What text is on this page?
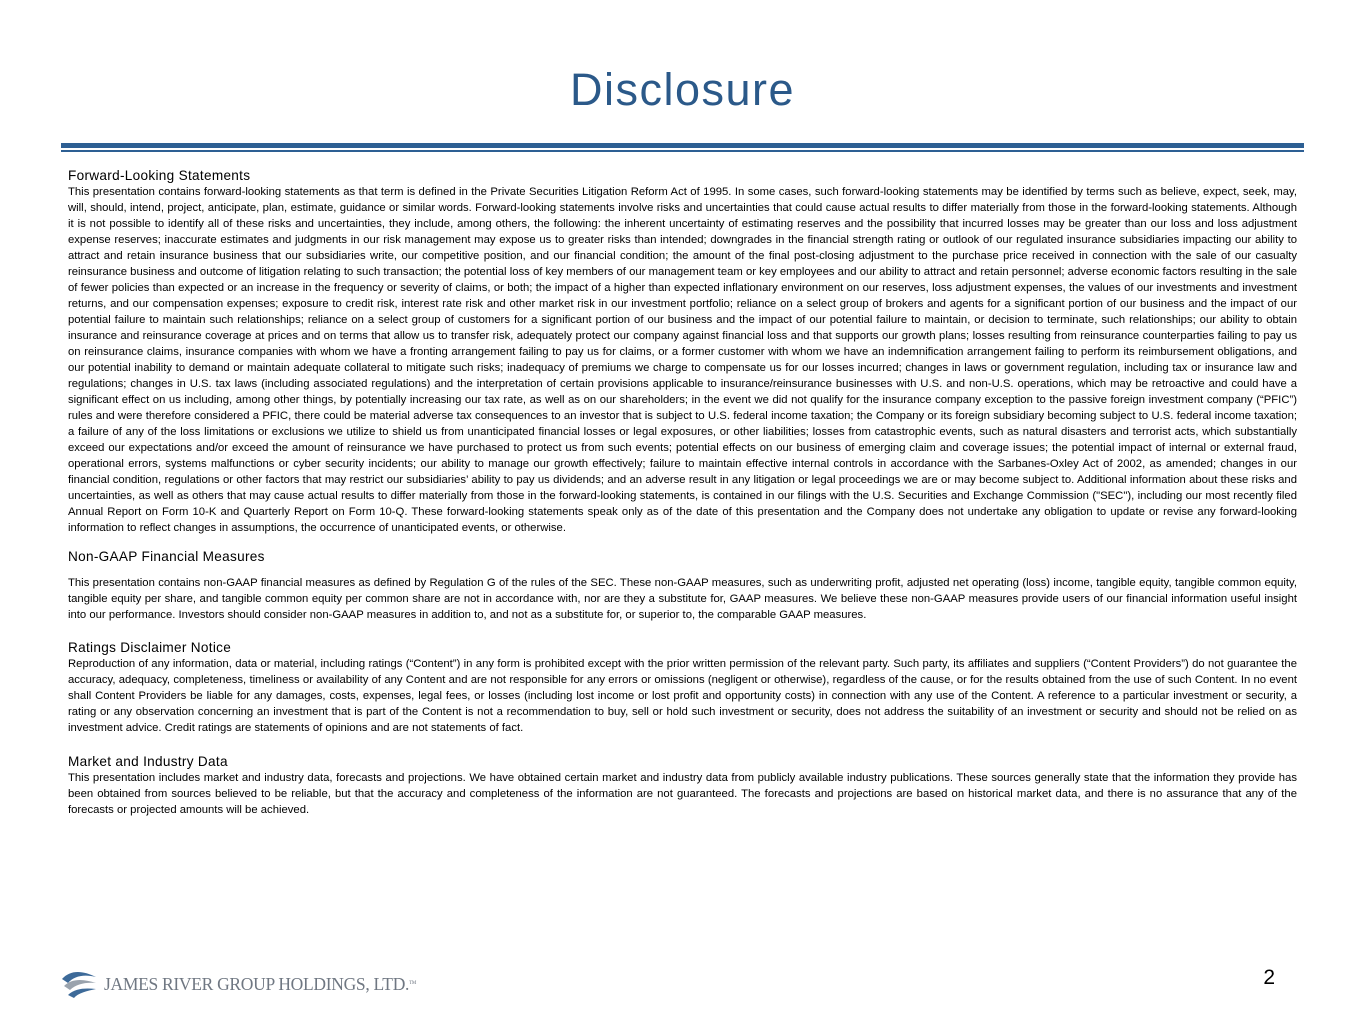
Disclosure
Forward-Looking Statements

This presentation contains forward-looking statements as that term is defined in the Private Securities Litigation Reform Act of 1995. In some cases, such forward-looking statements may be identified by terms such as believe, expect, seek, may, will, should, intend, project, anticipate, plan, estimate, guidance or similar words. Forward-looking statements involve risks and uncertainties that could cause actual results to differ materially from those in the forward-looking statements. Although it is not possible to identify all of these risks and uncertainties, they include, among others, the following: the inherent uncertainty of estimating reserves and the possibility that incurred losses may be greater than our loss and loss adjustment expense reserves; inaccurate estimates and judgments in our risk management may expose us to greater risks than intended; downgrades in the financial strength rating or outlook of our regulated insurance subsidiaries impacting our ability to attract and retain insurance business that our subsidiaries write, our competitive position, and our financial condition; the amount of the final post-closing adjustment to the purchase price received in connection with the sale of our casualty reinsurance business and outcome of litigation relating to such transaction; the potential loss of key members of our management team or key employees and our ability to attract and retain personnel; adverse economic factors resulting in the sale of fewer policies than expected or an increase in the frequency or severity of claims, or both; the impact of a higher than expected inflationary environment on our reserves, loss adjustment expenses, the values of our investments and investment returns, and our compensation expenses; exposure to credit risk, interest rate risk and other market risk in our investment portfolio; reliance on a select group of brokers and agents for a significant portion of our business and the impact of our potential failure to maintain such relationships; reliance on a select group of customers for a significant portion of our business and the impact of our potential failure to maintain, or decision to terminate, such relationships; our ability to obtain insurance and reinsurance coverage at prices and on terms that allow us to transfer risk, adequately protect our company against financial loss and that supports our growth plans; losses resulting from reinsurance counterparties failing to pay us on reinsurance claims, insurance companies with whom we have a fronting arrangement failing to pay us for claims, or a former customer with whom we have an indemnification arrangement failing to perform its reimbursement obligations, and our potential inability to demand or maintain adequate collateral to mitigate such risks; inadequacy of premiums we charge to compensate us for our losses incurred; changes in laws or government regulation, including tax or insurance law and regulations; changes in U.S. tax laws (including associated regulations) and the interpretation of certain provisions applicable to insurance/reinsurance businesses with U.S. and non-U.S. operations, which may be retroactive and could have a significant effect on us including, among other things, by potentially increasing our tax rate, as well as on our shareholders; in the event we did not qualify for the insurance company exception to the passive foreign investment company (“PFIC”) rules and were therefore considered a PFIC, there could be material adverse tax consequences to an investor that is subject to U.S. federal income taxation; the Company or its foreign subsidiary becoming subject to U.S. federal income taxation; a failure of any of the loss limitations or exclusions we utilize to shield us from unanticipated financial losses or legal exposures, or other liabilities; losses from catastrophic events, such as natural disasters and terrorist acts, which substantially exceed our expectations and/or exceed the amount of reinsurance we have purchased to protect us from such events; potential effects on our business of emerging claim and coverage issues; the potential impact of internal or external fraud, operational errors, systems malfunctions or cyber security incidents; our ability to manage our growth effectively; failure to maintain effective internal controls in accordance with the Sarbanes-Oxley Act of 2002, as amended; changes in our financial condition, regulations or other factors that may restrict our subsidiaries’ ability to pay us dividends; and an adverse result in any litigation or legal proceedings we are or may become subject to. Additional information about these risks and uncertainties, as well as others that may cause actual results to differ materially from those in the forward-looking statements, is contained in our filings with the U.S. Securities and Exchange Commission ("SEC"), including our most recently filed Annual Report on Form 10-K and Quarterly Report on Form 10-Q. These forward-looking statements speak only as of the date of this presentation and the Company does not undertake any obligation to update or revise any forward-looking information to reflect changes in assumptions, the occurrence of unanticipated events, or otherwise.

Non-GAAP Financial Measures

This presentation contains non-GAAP financial measures as defined by Regulation G of the rules of the SEC. These non-GAAP measures, such as underwriting profit, adjusted net operating (loss) income, tangible equity, tangible common equity, tangible equity per share, and tangible common equity per common share are not in accordance with, nor are they a substitute for, GAAP measures. We believe these non-GAAP measures provide users of our financial information useful insight into our performance. Investors should consider non-GAAP measures in addition to, and not as a substitute for, or superior to, the comparable GAAP measures.

Ratings Disclaimer Notice

Reproduction of any information, data or material, including ratings (“Content”) in any form is prohibited except with the prior written permission of the relevant party. Such party, its affiliates and suppliers (“Content Providers”) do not guarantee the accuracy, adequacy, completeness, timeliness or availability of any Content and are not responsible for any errors or omissions (negligent or otherwise), regardless of the cause, or for the results obtained from the use of such Content. In no event shall Content Providers be liable for any damages, costs, expenses, legal fees, or losses (including lost income or lost profit and opportunity costs) in connection with any use of the Content. A reference to a particular investment or security, a rating or any observation concerning an investment that is part of the Content is not a recommendation to buy, sell or hold such investment or security, does not address the suitability of an investment or security and should not be relied on as investment advice. Credit ratings are statements of opinions and are not statements of fact.

Market and Industry Data

This presentation includes market and industry data, forecasts and projections. We have obtained certain market and industry data from publicly available industry publications. These sources generally state that the information they provide has been obtained from sources believed to be reliable, but that the accuracy and completeness of the information are not guaranteed. The forecasts and projections are based on historical market data, and there is no assurance that any of the forecasts or projected amounts will be achieved.

JAMES RIVER GROUP HOLDINGS, LTD.™	2
